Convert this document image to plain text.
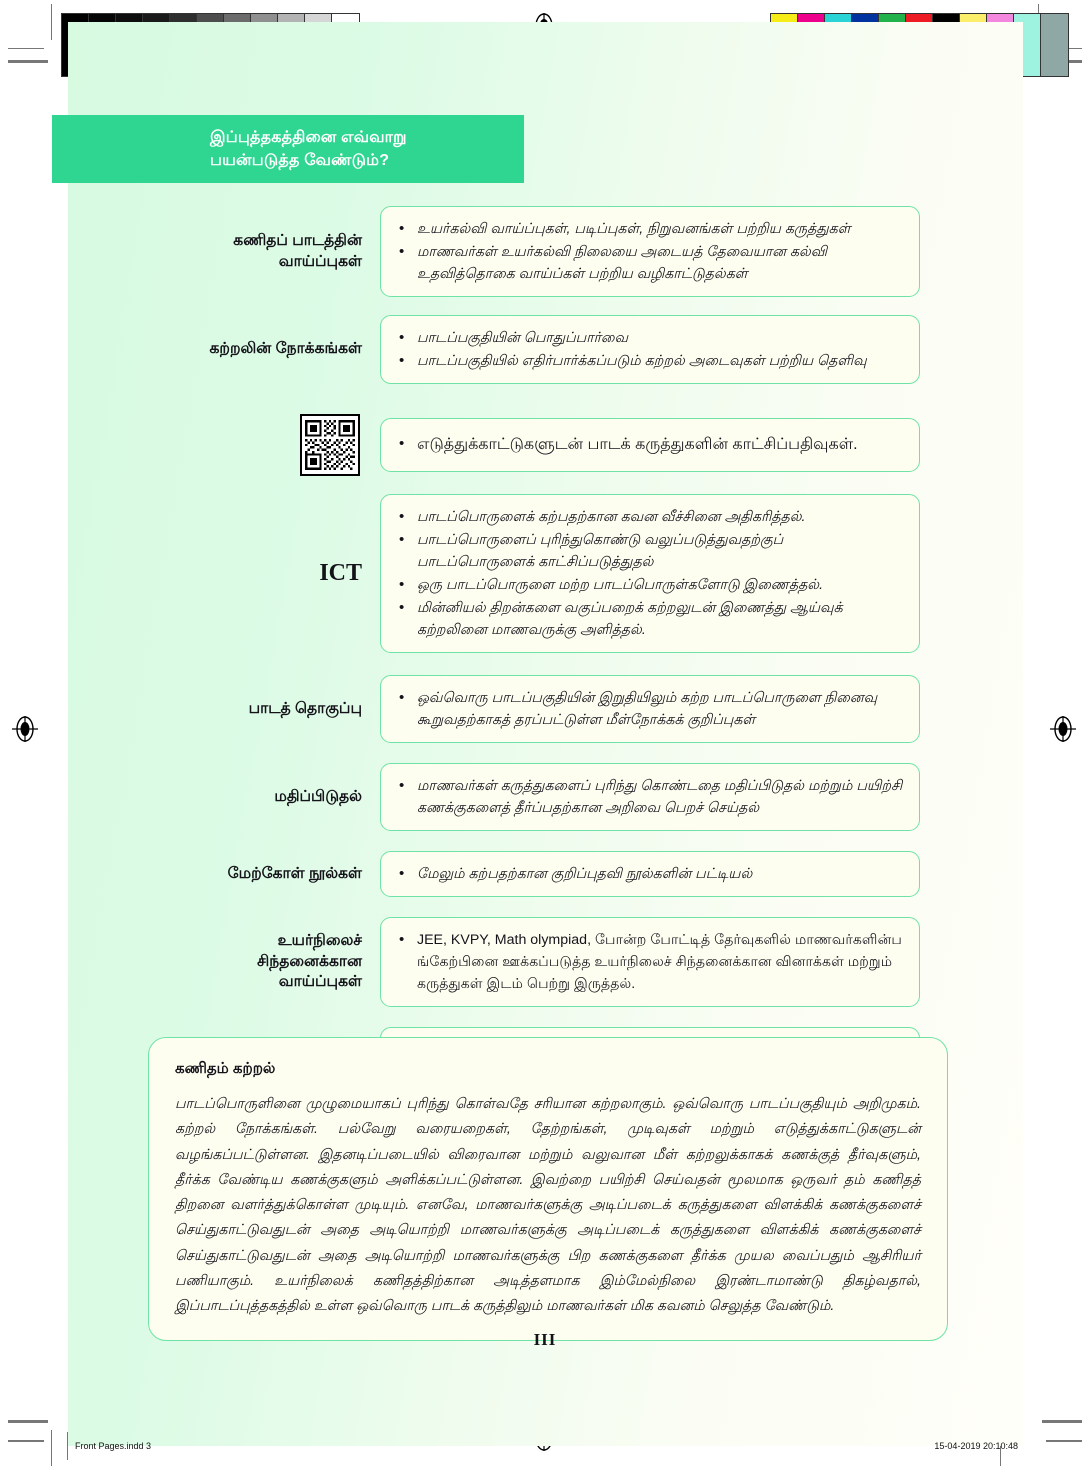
இப்புத்தகத்தினை எவ்வாறு
பயன்படுத்த வேண்டும்?
கணிதப் பாடத்தின்
வாய்ப்புகள்
• உயர்கல்வி வாய்ப்புகள், படிப்புகள், நிறுவனங்கள் பற்றிய கருத்துகள்
• மாணவர்கள் உயர்கல்வி நிலையை அடையத் தேவையான கல்வி உதவித்தொகை வாய்ப்கள் பற்றிய வழிகாட்டுதல்கள்
கற்றலின் நோக்கங்கள்
• பாடப்பகுதியின் பொதுப்பார்வை
• பாடப்பகுதியில் எதிர்பார்க்கப்படும் கற்றல் அடைவுகள் பற்றிய தெளிவு
• எடுத்துக்காட்டுகளுடன் பாடக் கருத்துகளின் காட்சிப்பதிவுகள்.
ICT
• பாடப்பொருளைக் கற்பதற்கான கவன வீச்சினை அதிகரித்தல்.
• பாடப்பொருளைப் புரிந்துகொண்டு வலுப்படுத்துவதற்குப் பாடப்பொருளைக் காட்சிப்படுத்துதல்
• ஒரு பாடப்பொருளை மற்ற பாடப்பொருள்களோடு இணைத்தல்.
• மின்னியல் திறன்களை வகுப்பறைக் கற்றலுடன் இணைத்து ஆய்வுக் கற்றலினை மாணவருக்கு அளித்தல்.
பாடத் தொகுப்பு
• ஒவ்வொரு பாடப்பகுதியின் இறுதியிலும் கற்ற பாடப்பொருளை நினைவு கூறுவதற்காகத் தரப்பட்டுள்ள மீள்நோக்கக் குறிப்புகள்
மதிப்பிடுதல்
• மாணவர்கள் கருத்துகளைப் புரிந்து கொண்டதை மதிப்பிடுதல் மற்றும் பயிற்சி கணக்குகளைத் தீர்ப்பதற்கான அறிவை பெறச் செய்தல்
மேற்கோள் நூல்கள்	• மேலும் கற்பதற்கான குறிப்புதவி நூல்களின் பட்டியல்
உயர்நிலைச்
சிந்தனைக்கான
வாய்ப்புகள்
• JEE, KVPY, Math olympiad, போன்ற போட்டித் தேர்வுகளில் மாணவர்களின்ப ங்கேற்பினை ஊக்கப்படுத்த உயர்நிலைச் சிந்தனைக்கான வினாக்கள் மற்றும் கருத்துகள் இடம் பெற்று இருத்தல்.
•
கணிதம் கற்றல்
பாடப்பொருளினை முழுமையாகப் புரிந்து கொள்வதே சரியான கற்றலாகும். ஒவ்வொரு பாடப்பகுதியும் அறிமுகம். கற்றல் நோக்கங்கள். பல்வேறு வரையறைகள், தேற்றங்கள், முடிவுகள் மற்றும் எடுத்துக்காட்டுகளுடன் வழங்கப்பட்டுள்ளன. இதனடிப்படையில் விரைவான மற்றும் வலுவான மீள் கற்றலுக்காகக் கணக்குத் தீர்வுகளும், தீர்க்க வேண்டிய கணக்குகளும் அளிக்கப்பட்டுள்ளன. இவற்றை பயிற்சி செய்வதன் மூலமாக ஒருவர் தம் கணிதத் திறனை வளர்த்துக்கொள்ள முடியும். எனவே, மாணவர்களுக்கு அடிப்படைக் கருத்துகளை விளக்கிக் கணக்குகளைச் செய்துகாட்டுவதுடன் அதை அடியொற்றி மாணவர்களுக்கு அடிப்படைக் கருத்துகளை விளக்கிக் கணக்குகளைச் செய்துகாட்டுவதுடன் அதை அடியொற்றி மாணவர்களுக்கு பிற கணக்குகளை தீர்க்க முயல வைப்பதும் ஆசிரியர் பணியாகும். உயர்நிலைக் கணிதத்திற்கான அடித்தளமாக இம்மேல்நிலை இரண்டாமாண்டு திகழ்வதால், இப்பாடப்புத்தகத்தில் உள்ள ஒவ்வொரு பாடக் கருத்திலும் மாணவர்கள் மிக கவனம் செலுத்த வேண்டும்.
III
Front Pages.indd 3	15-04-2019 20:10:48
